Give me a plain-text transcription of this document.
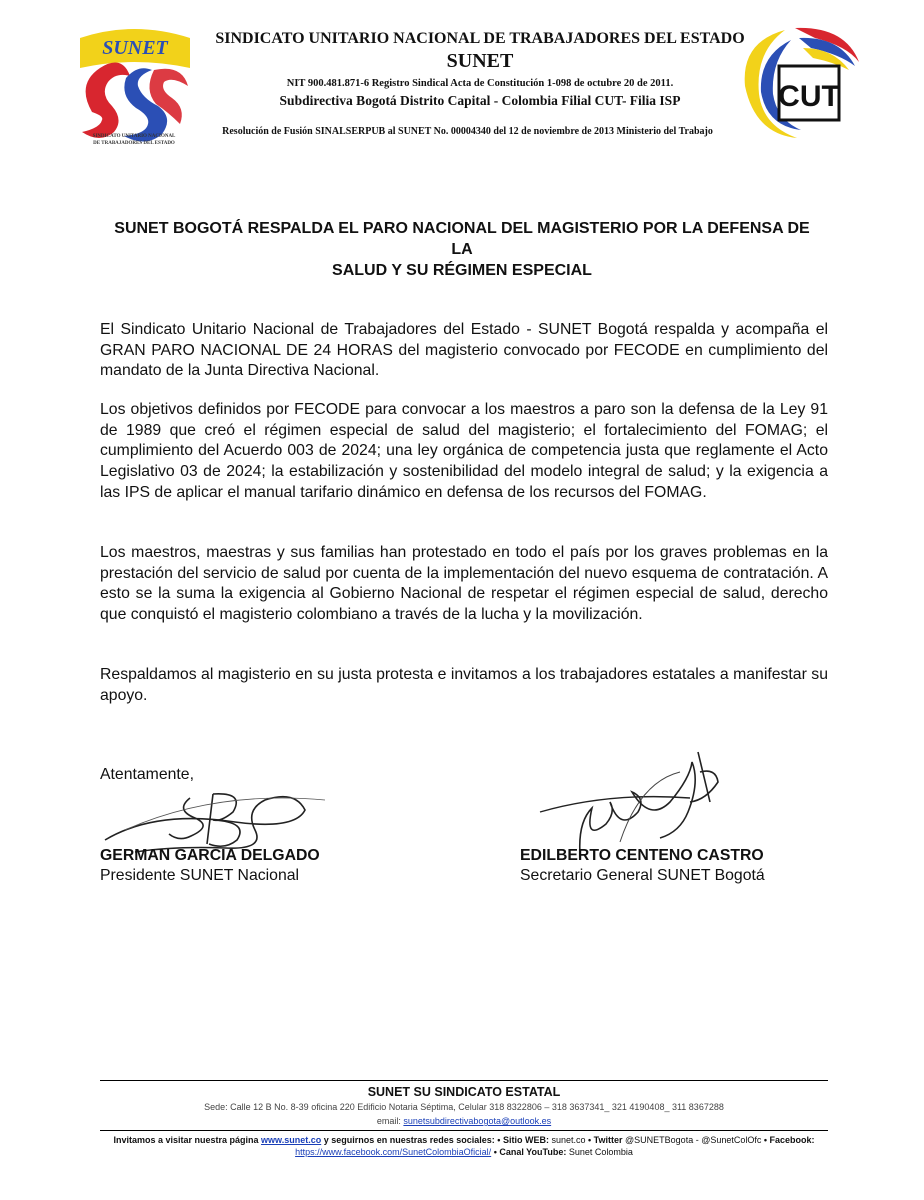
SUNET
SINDICATO UNITARIO NACIONAL
DE TRABAJADORES DEL ESTADO
CUT
SINDICATO UNITARIO NACIONAL DE TRABAJADORES DEL ESTADO
SUNET
NIT 900.481.871-6 Registro Sindical Acta de Constitución 1-098 de octubre 20 de 2011.
Subdirectiva Bogotá Distrito Capital - Colombia Filial CUT- Filia ISP
Resolución de Fusión SINALSERPUB al SUNET No. 00004340 del 12 de noviembre de 2013 Ministerio del Trabajo
SUNET BOGOTÁ RESPALDA EL PARO NACIONAL DEL MAGISTERIO POR LA DEFENSA DE LA
SALUD Y SU RÉGIMEN ESPECIAL
El Sindicato Unitario Nacional de Trabajadores del Estado - SUNET Bogotá respalda y acompaña el GRAN PARO NACIONAL DE 24 HORAS del magisterio convocado por FECODE en cumplimiento del mandato de la Junta Directiva Nacional.
Los objetivos definidos por FECODE para convocar a los maestros a paro son la defensa de la Ley 91 de 1989 que creó el régimen especial de salud del magisterio; el fortalecimiento del FOMAG; el cumplimiento del Acuerdo 003 de 2024; una ley orgánica de competencia justa que reglamente el Acto Legislativo 03 de 2024; la estabilización y sostenibilidad del modelo integral de salud; y la exigencia a las IPS de aplicar el manual tarifario dinámico en defensa de los recursos del FOMAG.
Los maestros, maestras y sus familias han protestado en todo el país por los graves problemas en la prestación del servicio de salud por cuenta de la implementación del nuevo esquema de contratación. A esto se la suma la exigencia al Gobierno Nacional de respetar el régimen especial de salud, derecho que conquistó el magisterio colombiano a través de la lucha y la movilización.
Respaldamos al magisterio en su justa protesta e invitamos a los trabajadores estatales a manifestar su apoyo.
Atentamente,
GERMAN GARCIA DELGADO
Presidente SUNET Nacional
EDILBERTO CENTENO CASTRO
Secretario General SUNET Bogotá
SUNET SU SINDICATO ESTATAL
Sede: Calle 12 B No. 8-39 oficina 220 Edificio Notaria Séptima, Celular 318 8322806 – 318 3637341_ 321 4190408_ 311 8367288
email: sunetsubdirectivabogota@outlook.es
Invitamos a visitar nuestra página www.sunet.co y seguirnos en nuestras redes sociales: • Sitio WEB: sunet.co • Twitter @SUNETBogota - @SunetColOfc • Facebook:
https://www.facebook.com/SunetColombiaOficial/ • Canal YouTube: Sunet Colombia
